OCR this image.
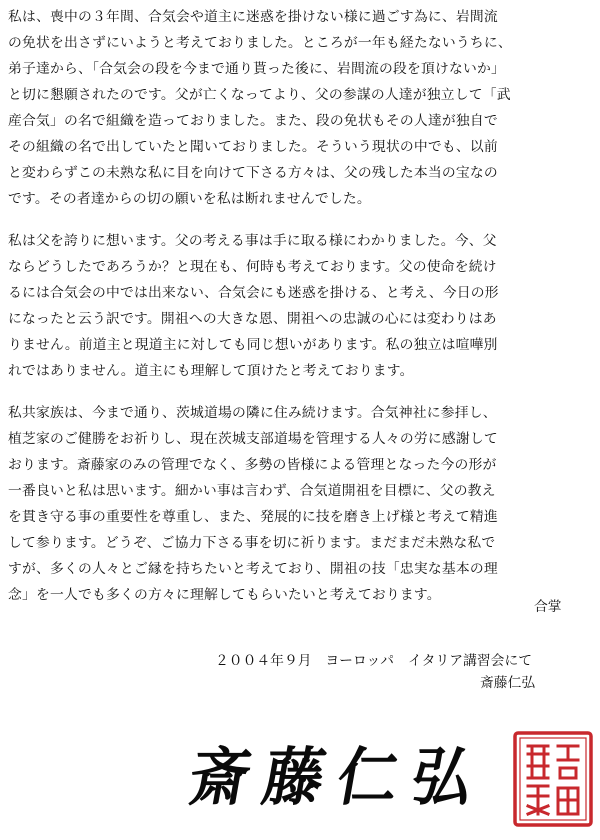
私は、喪中の３年間、合気会や道主に迷惑を掛けない様に過ごす為に、岩間流
の免状を出さずにいようと考えておりました。ところが一年も経たないうちに、
弟子達から、「合気会の段を今まで通り貰った後に、岩間流の段を頂けないか」
と切に懇願されたのです。父が亡くなってより、父の参謀の人達が独立して「武
産合気」の名で組織を造っておりました。また、段の免状もその人達が独自で
その組織の名で出していたと聞いておりました。そういう現状の中でも、以前
と変わらずこの未熟な私に目を向けて下さる方々は、父の残した本当の宝なの
です。その者達からの切の願いを私は断れませんでした。
私は父を誇りに想います。父の考える事は手に取る様にわかりました。今、父
ならどうしたであろうか？と現在も、何時も考えております。父の使命を続け
るには合気会の中では出来ない、合気会にも迷惑を掛ける、と考え、今日の形
になったと云う訳です。開祖への大きな恩、開祖への忠誠の心には変わりはあ
りません。前道主と現道主に対しても同じ想いがあります。私の独立は喧嘩別
れではありません。道主にも理解して頂けたと考えております。
私共家族は、今まで通り、茨城道場の隣に住み続けます。合気神社に参拝し、
植芝家のご健勝をお祈りし、現在茨城支部道場を管理する人々の労に感謝して
おります。斎藤家のみの管理でなく、多勢の皆様による管理となった今の形が
一番良いと私は思います。細かい事は言わず、合気道開祖を目標に、父の教え
を貫き守る事の重要性を尊重し、また、発展的に技を磨き上げ様と考えて精進
して参ります。どうぞ、ご協力下さる事を切に祈ります。まだまだ未熟な私で
すが、多くの人々とご縁を持ちたいと考えており、開祖の技「忠実な基本の理
念」を一人でも多くの方々に理解してもらいたいと考えております。
合掌
２００４年９月　ヨーロッパ　イタリア講習会にて
斎藤仁弘
斎藤仁弘
